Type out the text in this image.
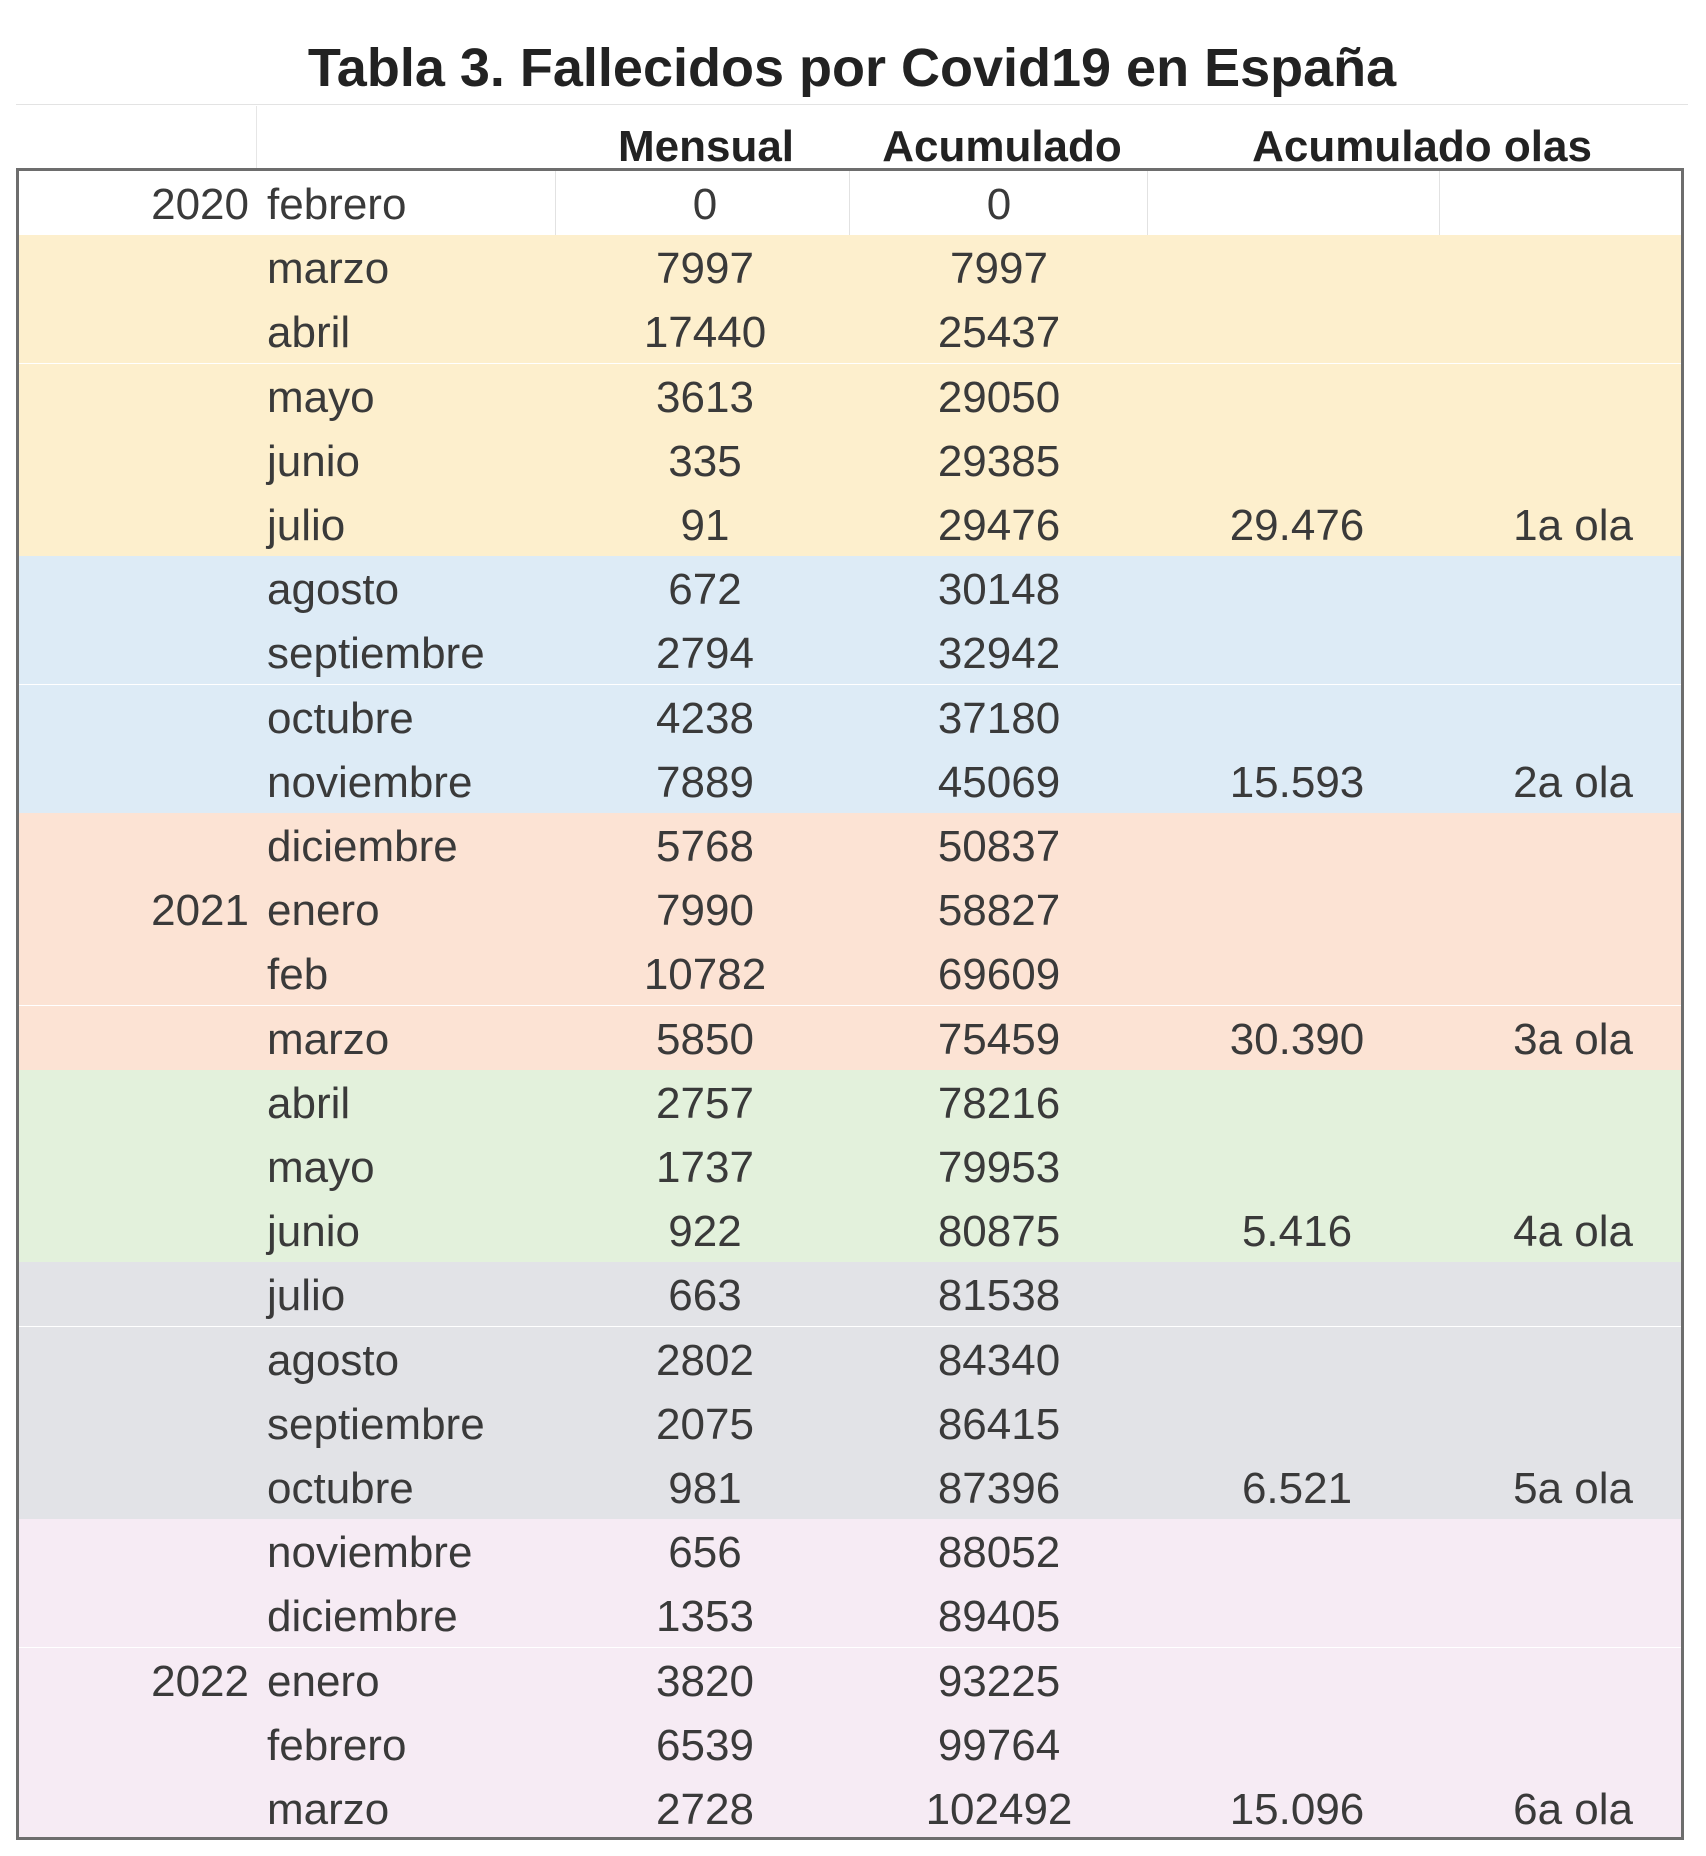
Tabla 3. Fallecidos por Covid19 en España
Mensual	Acumulado	Acumulado olas
2020 febrero	0	0
marzo	7997	7997
abril	17440	25437
mayo	3613	29050
junio	335	29385
julio	91	29476	29.476	1a ola
agosto	672	30148
septiembre	2794	32942
octubre	4238	37180
noviembre	7889	45069	15.593	2a ola
diciembre	5768	50837
2021 enero	7990	58827
feb	10782	69609
marzo	5850	75459	30.390	3a ola
abril	2757	78216
mayo	1737	79953
junio	922	80875	5.416	4a ola
julio	663	81538
agosto	2802	84340
septiembre	2075	86415
octubre	981	87396	6.521	5a ola
noviembre	656	88052
diciembre	1353	89405
2022 enero	3820	93225
febrero	6539	99764
marzo	2728	102492	15.096	6a ola
